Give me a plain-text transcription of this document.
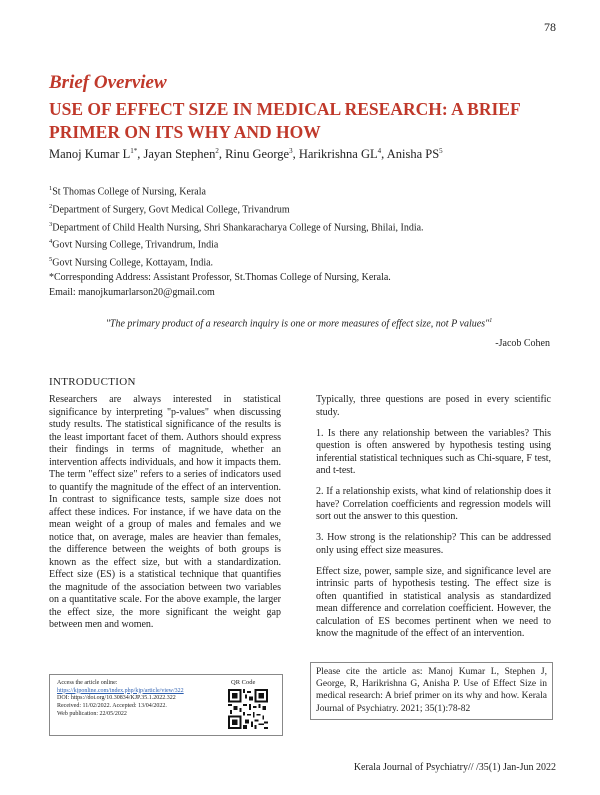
78
Brief Overview
USE OF EFFECT SIZE IN MEDICAL RESEARCH: A BRIEF PRIMER ON ITS WHY AND HOW
Manoj Kumar $L^{1*}$, Jayan Stephen$^2$, Rinu George$^3$, Harikrishna $GL^4$, Anisha $PS^5$
$^1$St Thomas College of Nursing, Kerala
$^2$Department of Surgery, Govt Medical College, Trivandrum
$^3$Department of Child Health Nursing, Shri Shankaracharya College of Nursing, Bhilai, India.
$^4$Govt Nursing College, Trivandrum, India
$^5$Govt Nursing College, Kottayam, India.
*Corresponding Address: Assistant Professor, St.Thomas College of Nursing, Kerala.
Email: manojkumarlarson20@gmail.com
"The primary product of a research inquiry is one or more measures of effect size, not P values"$^1$
-Jacob Cohen
INTRODUCTION

Researchers are always interested in statistical significance by interpreting "p-values" when discussing study results. The statistical significance of the results is the least important facet of them. Authors should express their findings in terms of magnitude, whether an intervention affects individuals, and how it impacts them. The term "effect size" refers to a series of indicators used to quantify the magnitude of the effect of an intervention. In contrast to significance tests, sample size does not affect these indices. For instance, if we have data on the mean weight of a group of males and females and we notice that, on average, males are heavier than females, the difference between the weights of both groups is known as the effect size, but with a standardization. Effect size (ES) is a statistical technique that quantifies the magnitude of the association between two variables on a quantitative scale. For the above example, the larger the effect size, the more significant the weight gap between men and women.

Typically, three questions are posed in every scientific study.

1. Is there any relationship between the variables? This question is often answered by hypothesis testing using inferential statistical techniques such as Chi-square, F test, and t-test.

2. If a relationship exists, what kind of relationship does it have? Correlation coefficients and regression models will sort out the answer to this question.

3. How strong is the relationship? This can be addressed only using effect size measures.

Effect size, power, sample size, and significance level are intrinsic parts of hypothesis testing. The effect size is often quantified in statistical analysis as standardized mean difference and correlation coefficient. However, the calculation of ES becomes pertinent when we need to know the magnitude of the effect of an intervention.

Access the article online:
https://kjponline.com/index.php/kjp/article/view/322
DOI: https://doi.org/10.30834/KJP.35.1.2022.322
Received: 11/02/2022. Accepted: 13/04/2022.
Web publication: 22/05/2022
QR Code
Please cite the article as: Manoj Kumar L, Stephen J, George, R, Harikrishna G, Anisha P. Use of Effect Size in medical research: A brief primer on its why and how. Kerala Journal of Psychiatry. 2021; 35(1):78-82
Kerala Journal of Psychiatry// /35(1) Jan-Jun 2022
